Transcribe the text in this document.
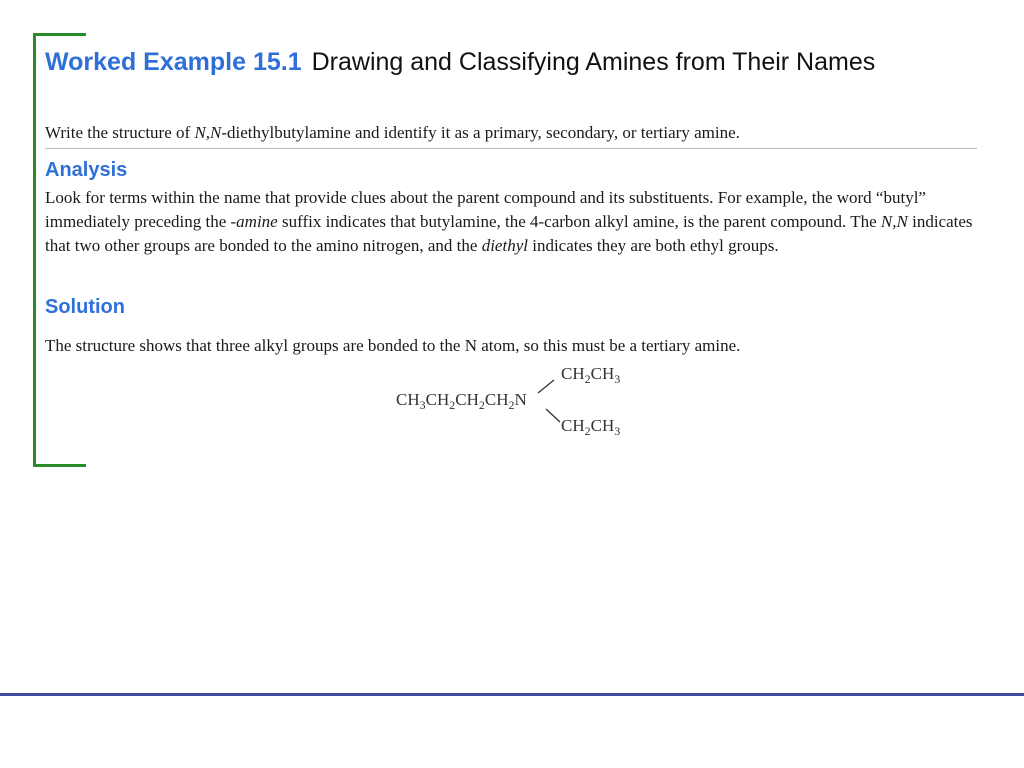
Worked Example 15.1 Drawing and Classifying Amines from Their Names
Write the structure of N,N-diethylbutylamine and identify it as a primary, secondary, or tertiary amine.
Analysis
Look for terms within the name that provide clues about the parent compound and its substituents. For example, the word “butyl” immediately preceding the -amine suffix indicates that butylamine, the 4-carbon alkyl amine, is the parent compound. The N,N indicates that two other groups are bonded to the amino nitrogen, and the diethyl indicates they are both ethyl groups.
Solution
The structure shows that three alkyl groups are bonded to the N atom, so this must be a tertiary amine.
$CH_3CH_2CH_2CH_2N$
$CH_2CH_3$
$CH_2CH_3$
